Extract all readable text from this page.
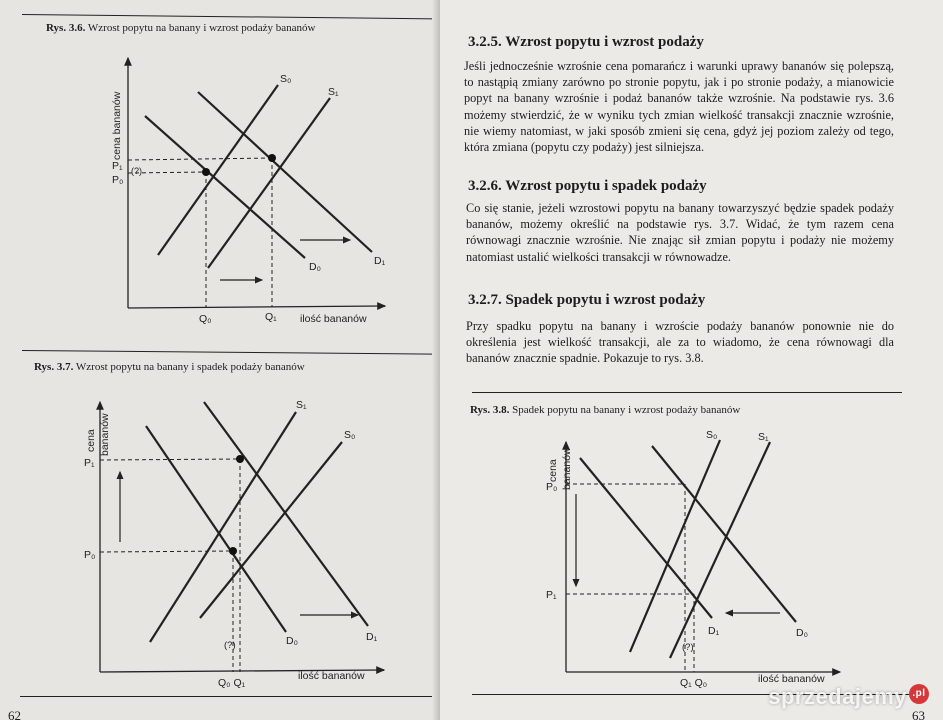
Rys. 3.6. Wzrost popytu na banany i wzrost podaży bananów
cena bananów
ilość bananów
P₁
P₀
(?)
Q₀	Q₁
S₀
S₁
D₀	D₁
Rys. 3.7. Wzrost popytu na banany i spadek podaży bananów
cena bananów
ilość bananów
P₁
P₀
(?)
Q₀ Q₁
S₁
S₀
D₀	D₁
62
3.2.5. Wzrost popytu i wzrost podaży
Jeśli jednocześnie wzrośnie cena pomarańcz i warunki uprawy bananów się polepszą, to nastąpią zmiany zarówno po stronie popytu, jak i po stronie podaży, a mianowicie popyt na banany wzrośnie i podaż bananów także wzrośnie. Na podstawie rys. 3.6 możemy stwierdzić, że w wyniku tych zmian wielkość transakcji znacznie wzrośnie, nie wiemy natomiast, w jaki sposób zmieni się cena, gdyż jej poziom zależy od tego, która zmiana (popytu czy podaży) jest silniejsza.
3.2.6. Wzrost popytu i spadek podaży
Co się stanie, jeżeli wzrostowi popytu na banany towarzyszyć będzie spadek podaży bananów, możemy określić na podstawie rys. 3.7. Widać, że tym razem cena równowagi znacznie wzrośnie. Nie znając sił zmian popytu i podaży nie możemy natomiast ustalić wielkości transakcji w równowadze.
3.2.7. Spadek popytu i wzrost podaży
Przy spadku popytu na banany i wzroście podaży bananów ponownie nie do określenia jest wielkość transakcji, ale za to wiadomo, że cena równowagi dla bananów znacznie spadnie. Pokazuje to rys. 3.8.
Rys. 3.8. Spadek popytu na banany i wzrost podaży bananów
cena bananów
ilość bananów
P₀
P₁
(?)
Q₁ Q₀
S₀	S₁
D₁	D₀
63
sprzedajemy .pl
